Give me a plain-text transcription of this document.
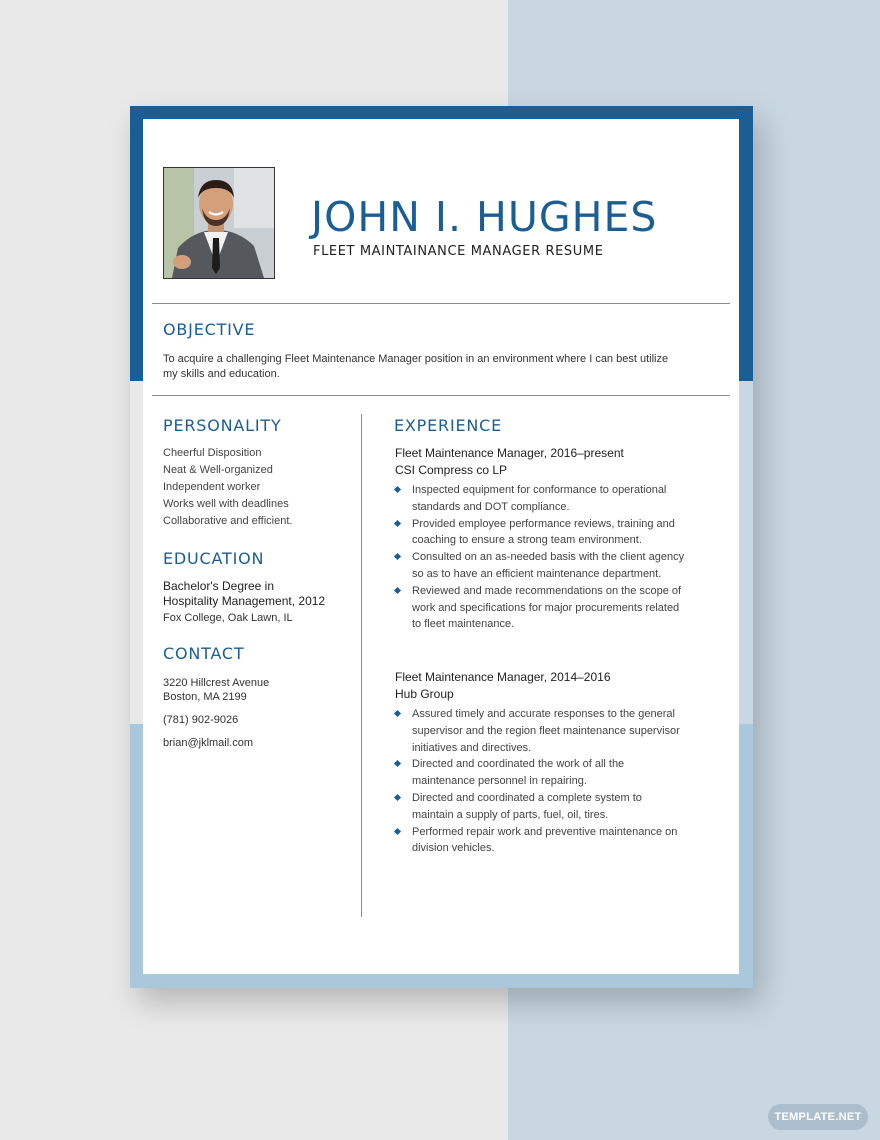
JOHN I. HUGHES
FLEET MAINTAINANCE MANAGER RESUME
OBJECTIVE
To acquire a challenging Fleet Maintenance Manager position in an environment where I can best utilize my skills and education.
PERSONALITY
Cheerful Disposition
Neat & Well-organized
Independent worker
Works well with deadlines
Collaborative and efficient.
EDUCATION
Bachelor's Degree in
Hospitality Management, 2012
Fox College, Oak Lawn, IL
CONTACT
3220 Hillcrest Avenue
Boston, MA 2199
(781) 902-9026
brian@jklmail.com
EXPERIENCE
Fleet Maintenance Manager, 2016–present
CSI Compress co LP
Inspected equipment for conformance to operational standards and DOT compliance.
Provided employee performance reviews, training and coaching to ensure a strong team environment.
Consulted on an as-needed basis with the client agency so as to have an efficient maintenance department.
Reviewed and made recommendations on the scope of work and specifications for major procurements related to fleet maintenance.
Fleet Maintenance Manager, 2014–2016
Hub Group
Assured timely and accurate responses to the general supervisor and the region fleet maintenance supervisor initiatives and directives.
Directed and coordinated the work of all the maintenance personnel in repairing.
Directed and coordinated a complete system to maintain a supply of parts, fuel, oil, tires.
Performed repair work and preventive maintenance on division vehicles.
TEMPLATE.NET
